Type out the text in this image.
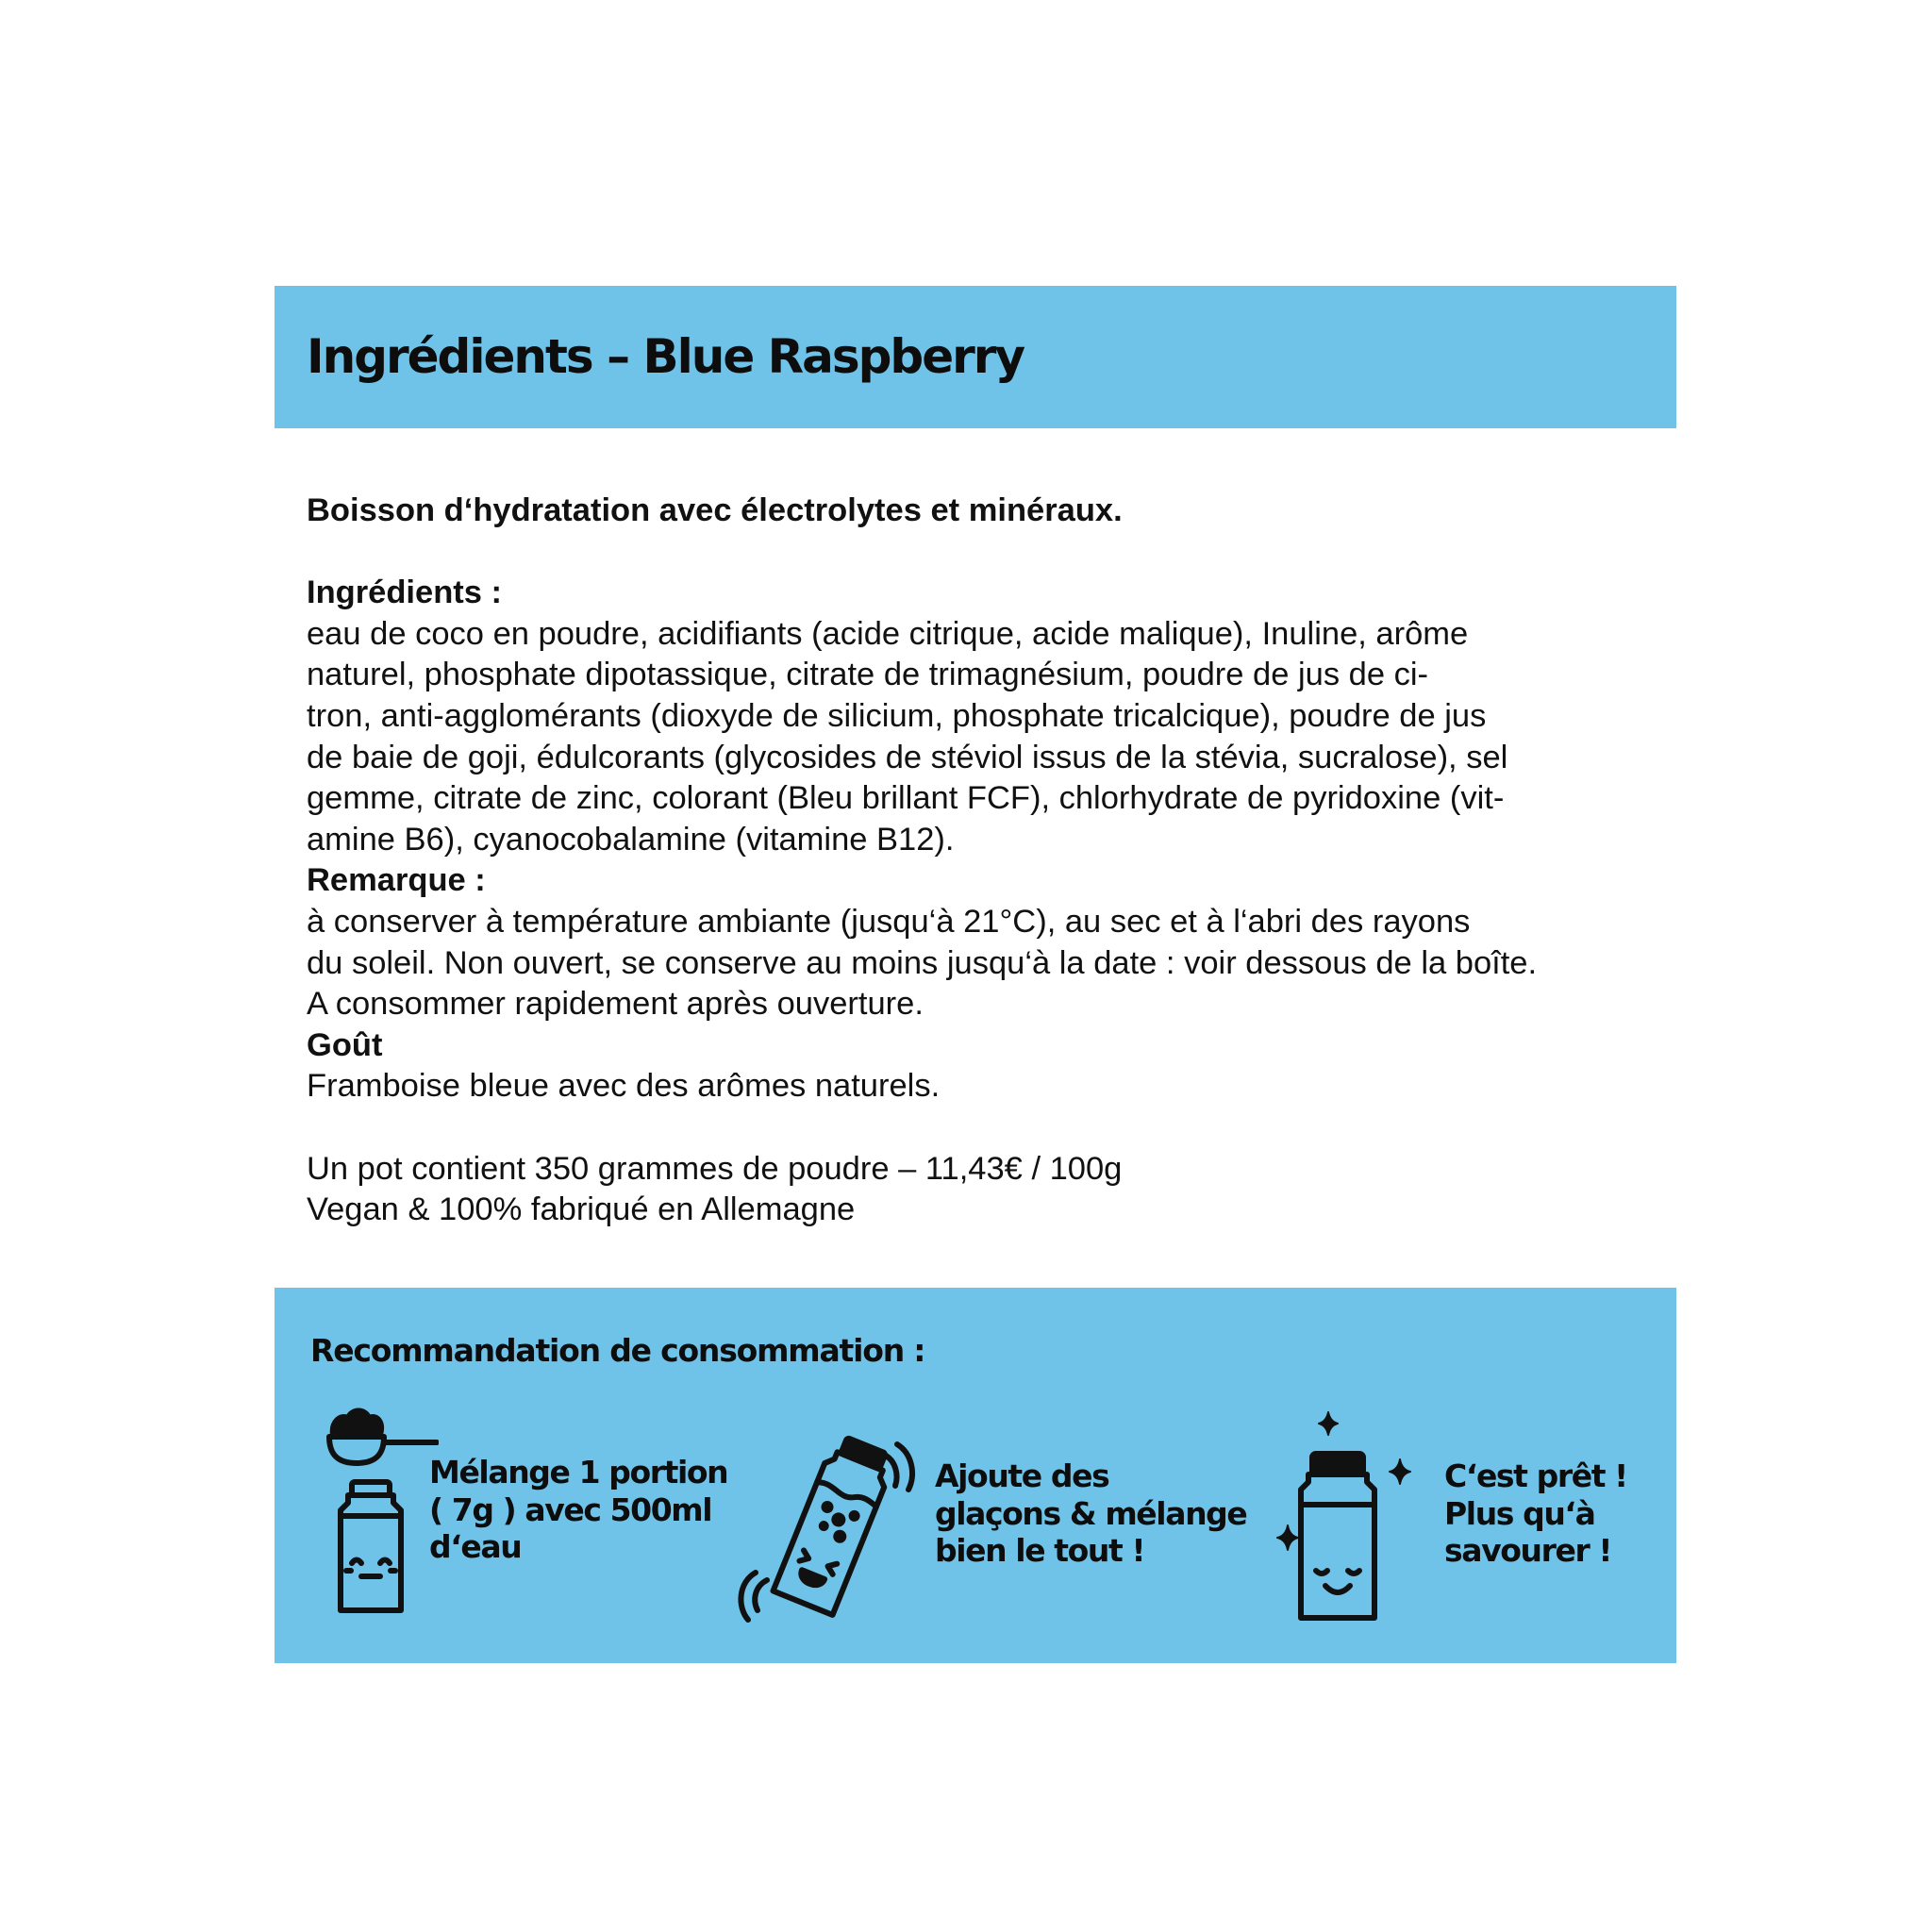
Ingrédients – Blue Raspberry

Boisson d‘hydratation avec électrolytes et minéraux.

Ingrédients :

eau de coco en poudre, acidifiants (acide citrique, acide malique), Inuline, arôme

naturel, phosphate dipotassique, citrate de trimagnésium, poudre de jus de ci-

tron, anti-agglomérants (dioxyde de silicium, phosphate tricalcique), poudre de jus

de baie de goji, édulcorants (glycosides de stéviol issus de la stévia, sucralose), sel

gemme, citrate de zinc, colorant (Bleu brillant FCF), chlorhydrate de pyridoxine (vit-

amine B6), cyanocobalamine (vitamine B12).

Remarque :

à conserver à température ambiante (jusqu‘à 21°C), au sec et à l‘abri des rayons

du soleil. Non ouvert, se conserve au moins jusqu‘à la date : voir dessous de la boîte.

A consommer rapidement après ouverture.

Goût

Framboise bleue avec des arômes naturels.

Un pot contient 350 grammes de poudre – 11,43€ / 100g

Vegan & 100% fabriqué en Allemagne

Recommandation de consommation :
Mélange 1 portion
( 7g ) avec 500ml
d‘eau
Ajoute des
glaçons & mélange
bien le tout !
C‘est prêt !
Plus qu‘à
savourer !
